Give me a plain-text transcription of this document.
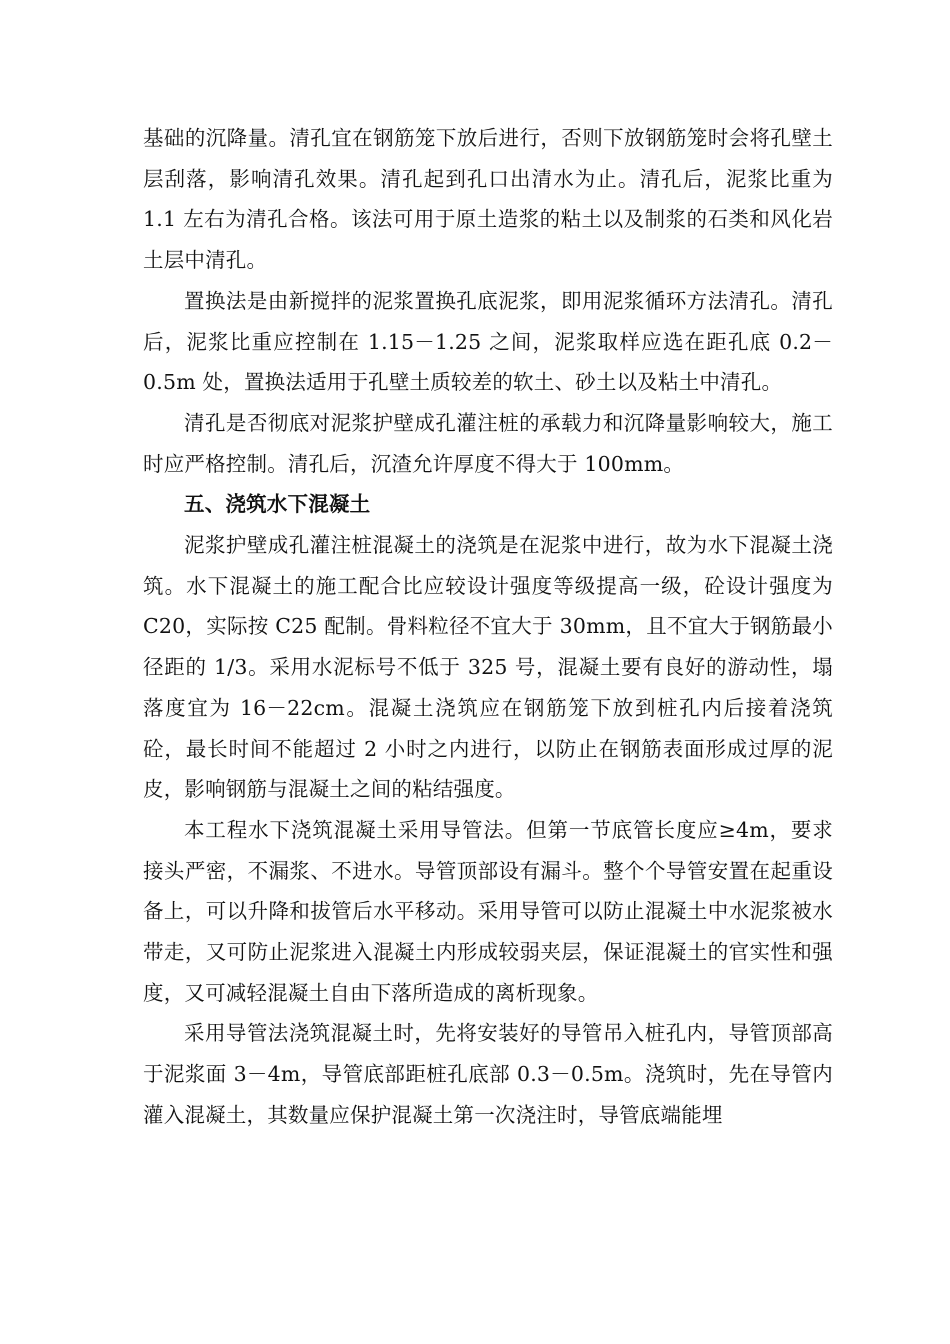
基础的沉降量。清孔宜在钢筋笼下放后进行，否则下放钢筋笼时会将孔壁土层刮落，影响清孔效果。清孔起到孔口出清水为止。清孔后，泥浆比重为 1.1 左右为清孔合格。该法可用于原土造浆的粘土以及制浆的石类和风化岩土层中清孔。

置换法是由新搅拌的泥浆置换孔底泥浆，即用泥浆循环方法清孔。清孔后，泥浆比重应控制在 1.15－1.25 之间，泥浆取样应选在距孔底 0.2－0.5m 处，置换法适用于孔壁土质较差的软土、砂土以及粘土中清孔。

清孔是否彻底对泥浆护壁成孔灌注桩的承载力和沉降量影响较大，施工时应严格控制。清孔后，沉渣允许厚度不得大于 100mm。

五、浇筑水下混凝土

泥浆护壁成孔灌注桩混凝土的浇筑是在泥浆中进行，故为水下混凝土浇筑。水下混凝土的施工配合比应较设计强度等级提高一级，砼设计强度为 C20，实际按 C25 配制。骨料粒径不宜大于 30mm，且不宜大于钢筋最小径距的 1/3。采用水泥标号不低于 325 号，混凝土要有良好的游动性，塌落度宜为 16－22cm。混凝土浇筑应在钢筋笼下放到桩孔内后接着浇筑砼，最长时间不能超过 2 小时之内进行，以防止在钢筋表面形成过厚的泥皮，影响钢筋与混凝土之间的粘结强度。

本工程水下浇筑混凝土采用导管法。但第一节底管长度应≥4m，要求接头严密，不漏浆、不进水。导管顶部设有漏斗。整个个导管安置在起重设备上，可以升降和拔管后水平移动。采用导管可以防止混凝土中水泥浆被水带走，又可防止泥浆进入混凝土内形成较弱夹层，保证混凝土的官实性和强度，又可减轻混凝土自由下落所造成的离析现象。

采用导管法浇筑混凝土时，先将安装好的导管吊入桩孔内，导管顶部高于泥浆面 3－4m，导管底部距桩孔底部 0.3－0.5m。浇筑时，先在导管内灌入混凝土，其数量应保护混凝土第一次浇注时，导管底端能埋
